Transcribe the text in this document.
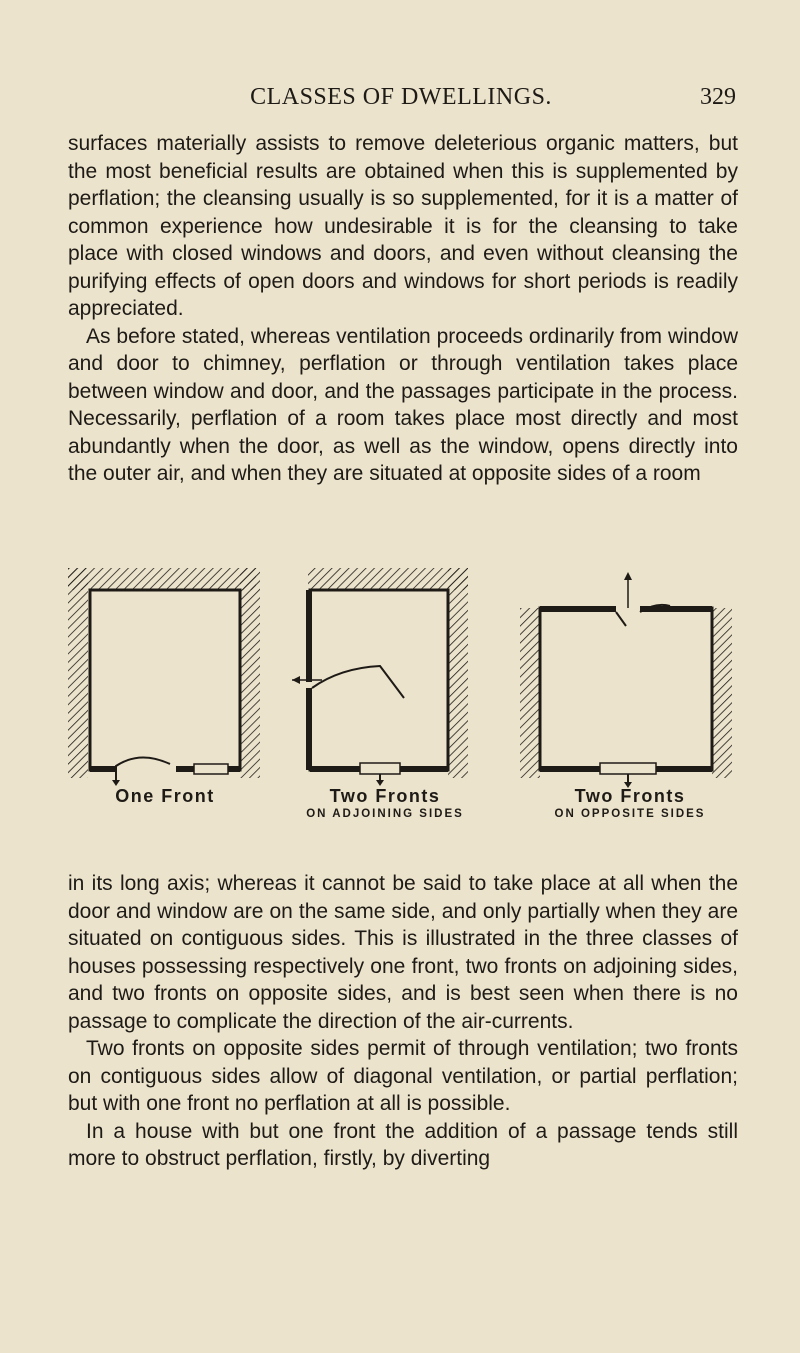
CLASSES OF DWELLINGS.	329

surfaces materially assists to remove deleterious organic matters, but the most beneficial results are obtained when this is supplemented by perflation; the cleansing usually is so supplemented, for it is a matter of common experience how undesirable it is for the cleansing to take place with closed windows and doors, and even without cleansing the purifying effects of open doors and windows for short periods is readily appreciated.

As before stated, whereas ventilation proceeds ordinarily from window and door to chimney, perflation or through ventilation takes place between window and door, and the passages participate in the process. Necessarily, perflation of a room takes place most directly and most abundantly when the door, as well as the window, opens directly into the outer air, and when they are situated at opposite sides of a room

One Front	Two Fronts
ON ADJOINING SIDES
Two Fronts
ON OPPOSITE SIDES

in its long axis; whereas it cannot be said to take place at all when the door and window are on the same side, and only partially when they are situated on contiguous sides. This is illustrated in the three classes of houses possessing respectively one front, two fronts on adjoining sides, and two fronts on opposite sides, and is best seen when there is no passage to complicate the direction of the air-currents.

Two fronts on opposite sides permit of through ventilation; two fronts on contiguous sides allow of diagonal ventilation, or partial perflation; but with one front no perflation at all is possible.

In a house with but one front the addition of a passage tends still more to obstruct perflation, firstly, by diverting
